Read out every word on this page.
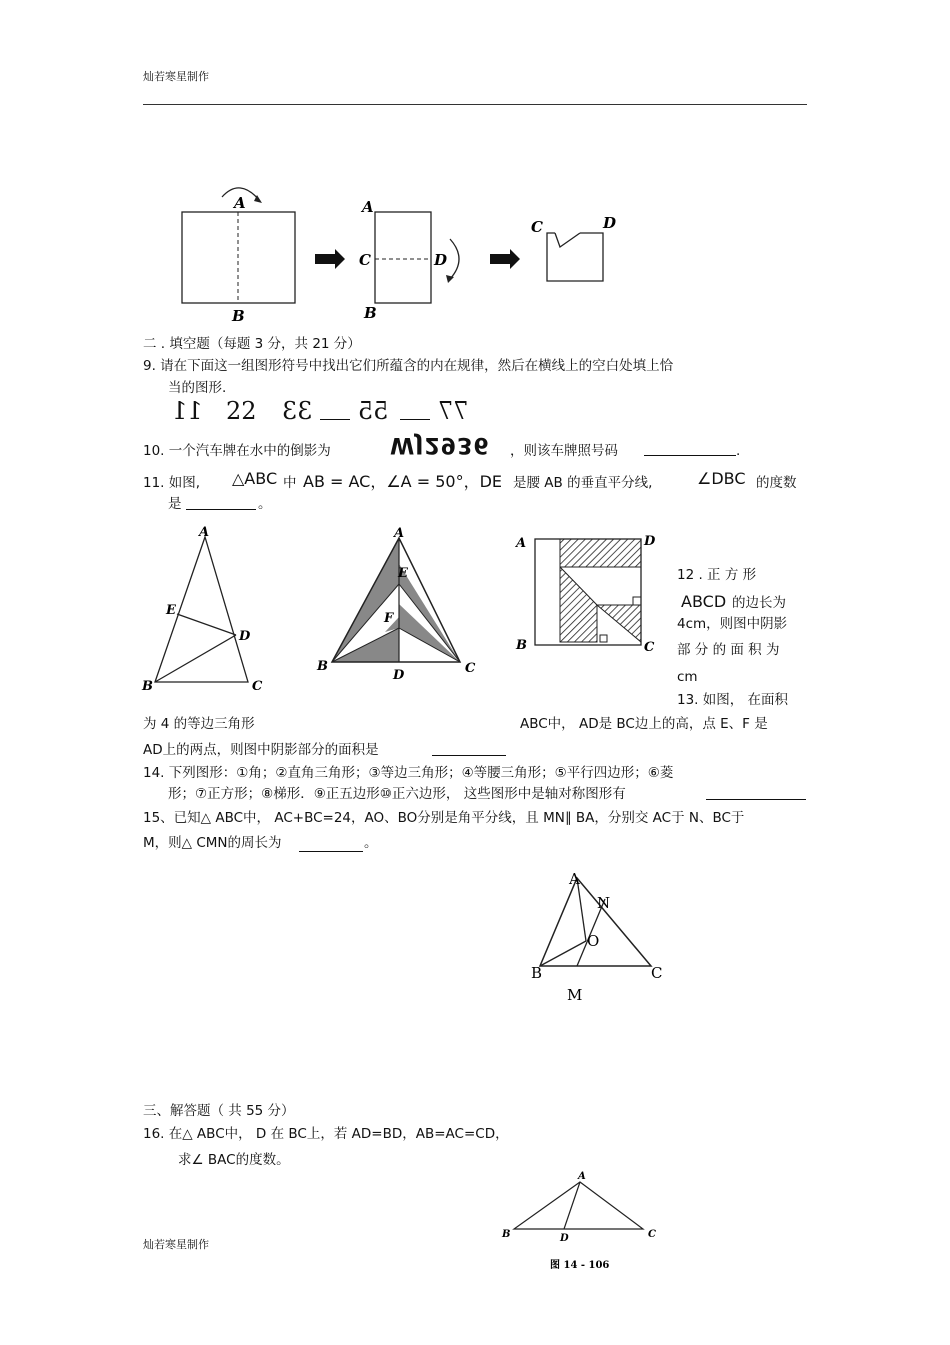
灿若寒星制作
A
B
A
C	D
B
C	D
二 . 填空题（每题 3 分，共 21 分）
9. 请在下面这一组图形符号中找出它们所蕴含的内在规律，然后在横线上的空白处填上恰
当的图形.
11 22 33 55 77
10. 一个汽车牌在水中的倒影为	WJ2936 ，则该车牌照号码	.
11. 如图, △ABC 中 AB = AC，∠A = 50°，DE 是腰 AB 的垂直平分线,	∠DBC 的度数
是	。
A
E
D
B	C
A
E
F
B
D	C
A	D
B	C
12 . 正 方 形
ABCD 的边长为
4cm，则图中阴影
部 分 的 面 积 为
cm
13. 如图， 在面积
为 4 的等边三角形	ABC中， AD是 BC边上的高，点 E、F 是
AD上的两点，则图中阴影部分的面积是
14. 下列图形：①角；②直角三角形；③等边三角形；④等腰三角形；⑤平行四边形；⑥菱
形；⑦正方形；⑧梯形．⑨正五边形⑩正六边形， 这些图形中是轴对称图形有
15、已知△ ABC中， AC+BC=24，AO、BO分别是角平分线，且 MN∥ BA，分别交 AC于 N、BC于
M，则△ CMN的周长为	。
A
N
O
B	C
M
三、解答题（ 共 55 分）
16. 在△ ABC中， D 在 BC上，若 AD=BD，AB=AC=CD，
求∠ BAC的度数。
A
B	D	C
图 14 - 106
灿若寒星制作
